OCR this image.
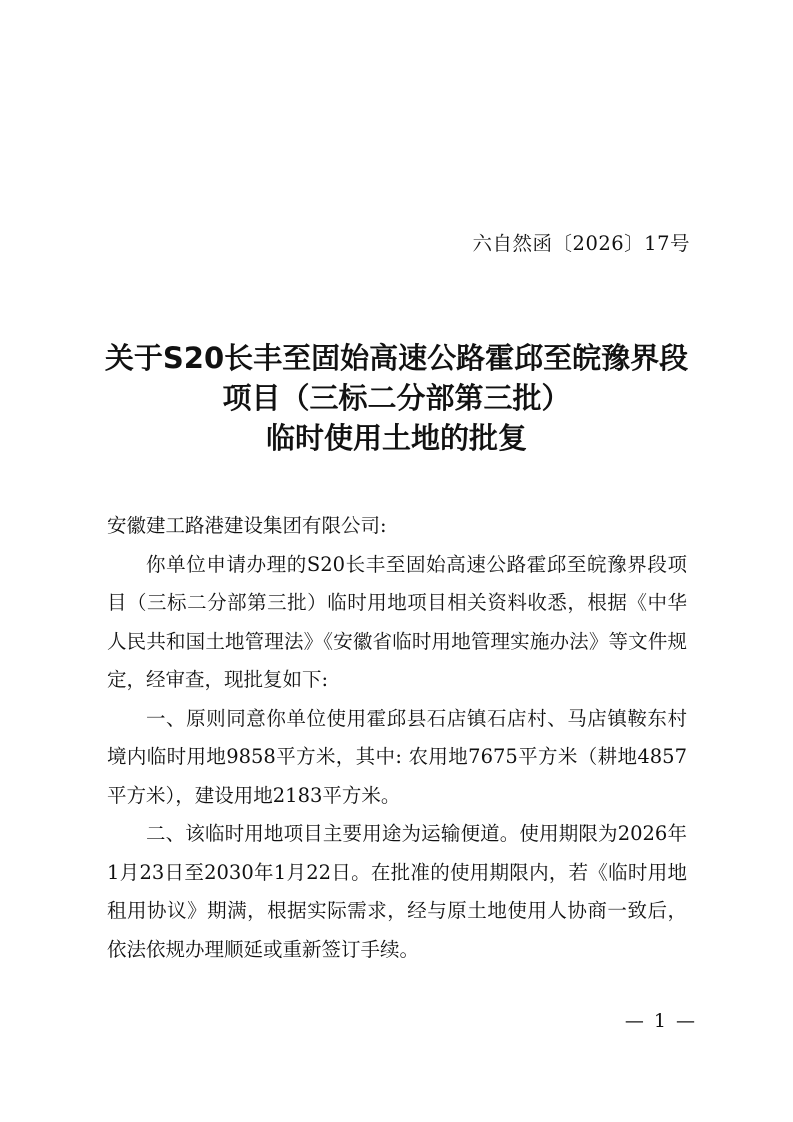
六自然函〔2026〕17号
关于S20长丰至固始高速公路霍邱至皖豫界段
项目（三标二分部第三批）
临时使用土地的批复

安徽建工路港建设集团有限公司:

你单位申请办理的S20长丰至固始高速公路霍邱至皖豫界段项目（三标二分部第三批）临时用地项目相关资料收悉，根据《中华人民共和国土地管理法》《安徽省临时用地管理实施办法》等文件规定，经审查，现批复如下:

一、原则同意你单位使用霍邱县石店镇石店村、马店镇鞍东村境内临时用地9858平方米，其中: 农用地7675平方米（耕地4857平方米），建设用地2183平方米。

二、该临时用地项目主要用途为运输便道。使用期限为2026年1月23日至2030年1月22日。在批准的使用期限内，若《临时用地租用协议》期满，根据实际需求，经与原土地使用人协商一致后，依法依规办理顺延或重新签订手续。

— 1 —
